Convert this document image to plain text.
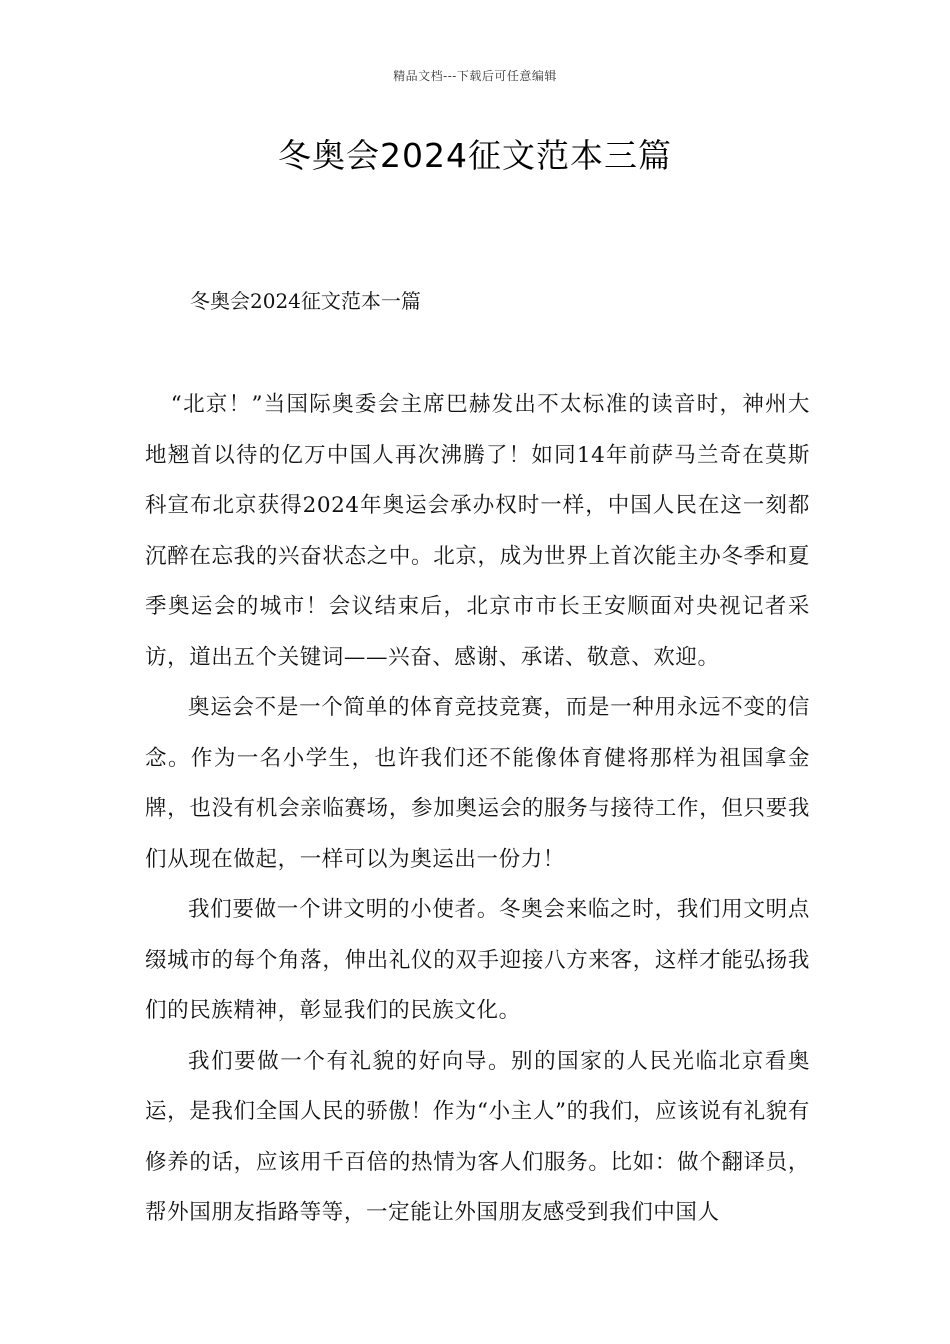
精品文档---下载后可任意编辑
冬奥会2024征文范本三篇
冬奥会2024征文范本一篇

“北京！”当国际奥委会主席巴赫发出不太标准的读音时，神州大地翘首以待的亿万中国人再次沸腾了！如同14年前萨马兰奇在莫斯科宣布北京获得2024年奥运会承办权时一样，中国人民在这一刻都沉醉在忘我的兴奋状态之中。北京，成为世界上首次能主办冬季和夏季奥运会的城市！会议结束后，北京市市长王安顺面对央视记者采访，道出五个关键词——兴奋、感谢、承诺、敬意、欢迎。

奥运会不是一个简单的体育竞技竞赛，而是一种用永远不变的信念。作为一名小学生，也许我们还不能像体育健将那样为祖国拿金牌，也没有机会亲临赛场，参加奥运会的服务与接待工作，但只要我们从现在做起，一样可以为奥运出一份力！

我们要做一个讲文明的小使者。冬奥会来临之时，我们用文明点缀城市的每个角落，伸出礼仪的双手迎接八方来客，这样才能弘扬我们的民族精神，彰显我们的民族文化。

我们要做一个有礼貌的好向导。别的国家的人民光临北京看奥运，是我们全国人民的骄傲！作为“小主人”的我们，应该说有礼貌有修养的话，应该用千百倍的热情为客人们服务。比如：做个翻译员，帮外国朋友指路等等，一定能让外国朋友感受到我们中国人
